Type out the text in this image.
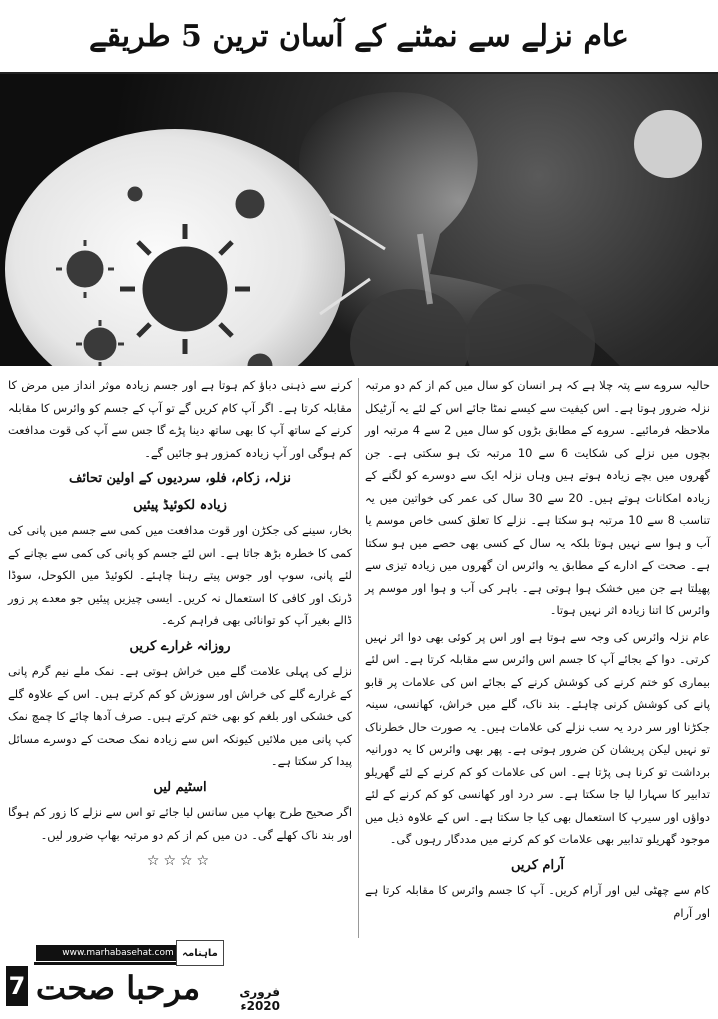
عام نزلے سے نمٹنے کے آسان ترین 5 طریقے

حالیہ سروے سے پتہ چلا ہے کہ ہر انسان کو سال میں کم از کم دو مرتبہ نزلہ ضرور ہوتا ہے۔ اس کیفیت سے کیسے نمٹا جائے اس کے لئے یہ آرٹیکل ملاحظہ فرمائیے۔ سروے کے مطابق بڑوں کو سال میں 2 سے 4 مرتبہ اور بچوں میں نزلے کی شکایت 6 سے 10 مرتبہ تک ہو سکتی ہے۔ جن گھروں میں بچے زیادہ ہوتے ہیں وہاں نزلہ ایک سے دوسرے کو لگنے کے زیادہ امکانات ہوتے ہیں۔ 20 سے 30 سال کی عمر کی خواتین میں یہ تناسب 8 سے 10 مرتبہ ہو سکتا ہے۔ نزلے کا تعلق کسی خاص موسم یا آب و ہوا سے نہیں ہوتا بلکہ یہ سال کے کسی بھی حصے میں ہو سکتا ہے۔ صحت کے ادارے کے مطابق یہ وائرس ان گھروں میں زیادہ تیزی سے پھیلتا ہے جن میں خشک ہوا ہوتی ہے۔ باہر کی آب و ہوا اور موسم پر وائرس کا اتنا زیادہ اثر نہیں ہوتا۔

عام نزلہ وائرس کی وجہ سے ہوتا ہے اور اس پر کوئی بھی دوا اثر نہیں کرتی۔ دوا کے بجائے آپ کا جسم اس وائرس سے مقابلہ کرتا ہے۔ اس لئے بیماری کو ختم کرنے کی کوشش کرنے کے بجائے اس کی علامات پر قابو پانے کی کوشش کرنی چاہئے۔ بند ناک، گلے میں خراش، کھانسی، سینہ جکڑنا اور سر درد یہ سب نزلے کی علامات ہیں۔ یہ صورت حال خطرناک تو نہیں لیکن پریشان کن ضرور ہوتی ہے۔ پھر بھی وائرس کا یہ دورانیہ برداشت تو کرنا ہی پڑتا ہے۔ اس کی علامات کو کم کرنے کے لئے گھریلو تدابیر کا سہارا لیا جا سکتا ہے۔ سر درد اور کھانسی کو کم کرنے کے لئے دواؤں اور سیرپ کا استعمال بھی کیا جا سکتا ہے۔ اس کے علاوہ ذیل میں موجود گھریلو تدابیر بھی علامات کو کم کرنے میں مددگار رہوں گی۔

آرام کریں

کام سے چھٹی لیں اور آرام کریں۔ آپ کا جسم وائرس کا مقابلہ کرتا ہے اور آرام

کرنے سے ذہنی دباؤ کم ہوتا ہے اور جسم زیادہ موثر انداز میں مرض کا مقابلہ کرتا ہے۔ اگر آپ کام کریں گے تو آپ کے جسم کو وائرس کا مقابلہ کرنے کے ساتھ آپ کا بھی ساتھ دینا پڑے گا جس سے آپ کی قوت مدافعت کم ہوگی اور آپ زیادہ کمزور ہو جائیں گے۔

نزلہ، زکام، فلو، سردیوں کے اولین تحائف
زیادہ لکوئیڈ پیئیں

بخار، سینے کی جکڑن اور قوت مدافعت میں کمی سے جسم میں پانی کی کمی کا خطرہ بڑھ جاتا ہے۔ اس لئے جسم کو پانی کی کمی سے بچانے کے لئے پانی، سوپ اور جوس پیتے رہنا چاہئے۔ لکوئیڈ میں الکوحل، سوڈا ڈرنک اور کافی کا استعمال نہ کریں۔ ایسی چیزیں پیئیں جو معدے پر زور ڈالے بغیر آپ کو توانائی بھی فراہم کرے۔

روزانہ غرارے کریں

نزلے کی پہلی علامت گلے میں خراش ہوتی ہے۔ نمک ملے نیم گرم پانی کے غرارے گلے کی خراش اور سوزش کو کم کرتے ہیں۔ اس کے علاوہ گلے کی خشکی اور بلغم کو بھی ختم کرتے ہیں۔ صرف آدھا چائے کا چمچ نمک کپ پانی میں ملائیں کیونکہ اس سے زیادہ نمک صحت کے دوسرے مسائل پیدا کر سکتا ہے۔

اسٹیم لیں

اگر صحیح طرح بھاپ میں سانس لیا جائے تو اس سے نزلے کا زور کم ہوگا اور بند ناک کھلے گی۔ دن میں کم از کم دو مرتبہ بھاپ ضرور لیں۔

☆☆☆☆
7
www.marhabasehat.com
مرحبا صحت
ماہنامہ
فروری 2020ء
